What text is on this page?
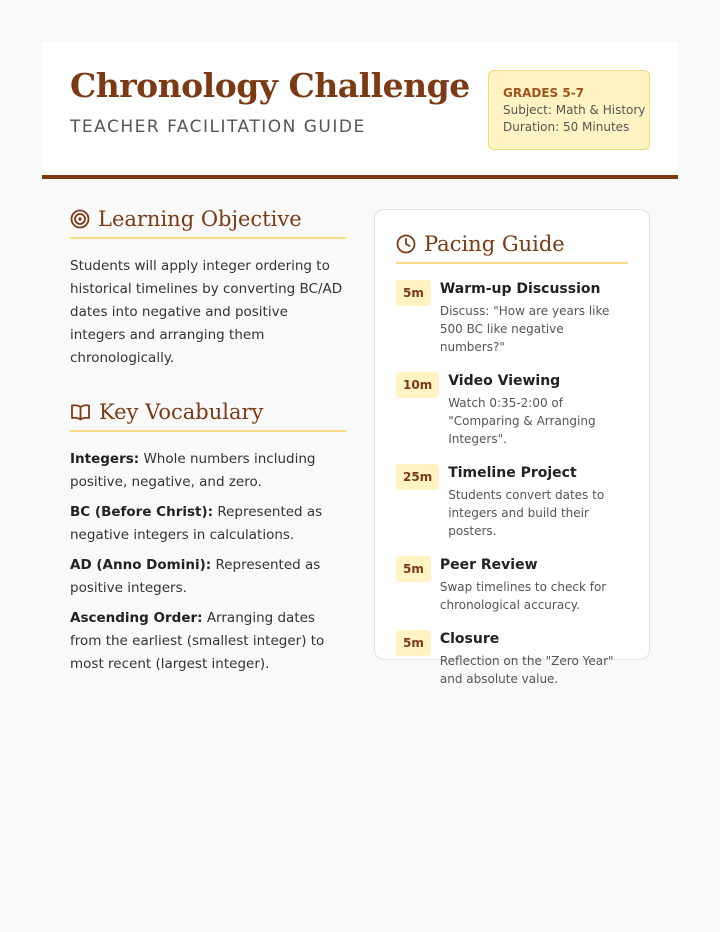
Chronology Challenge
TEACHER FACILITATION GUIDE
GRADES 5-7
Subject: Math & History
Duration: 50 Minutes
Learning Objective

Students will apply integer ordering to historical timelines by converting BC/AD dates into negative and positive integers and arranging them chronologically.

Key Vocabulary

Integers: Whole numbers including positive, negative, and zero.

BC (Before Christ): Represented as negative integers in calculations.

AD (Anno Domini): Represented as positive integers.

Ascending Order: Arranging dates from the earliest (smallest integer) to most recent (largest integer).

Pacing Guide
5m	Warm-up Discussion
Discuss: "How are years like 500 BC like negative numbers?"
10m	Video Viewing
Watch 0:35-2:00 of "Comparing & Arranging Integers".
25m	Timeline Project
Students convert dates to integers and build their posters.
5m	Peer Review
Swap timelines to check for chronological accuracy.
5m	Closure
Reflection on the "Zero Year" and absolute value.
